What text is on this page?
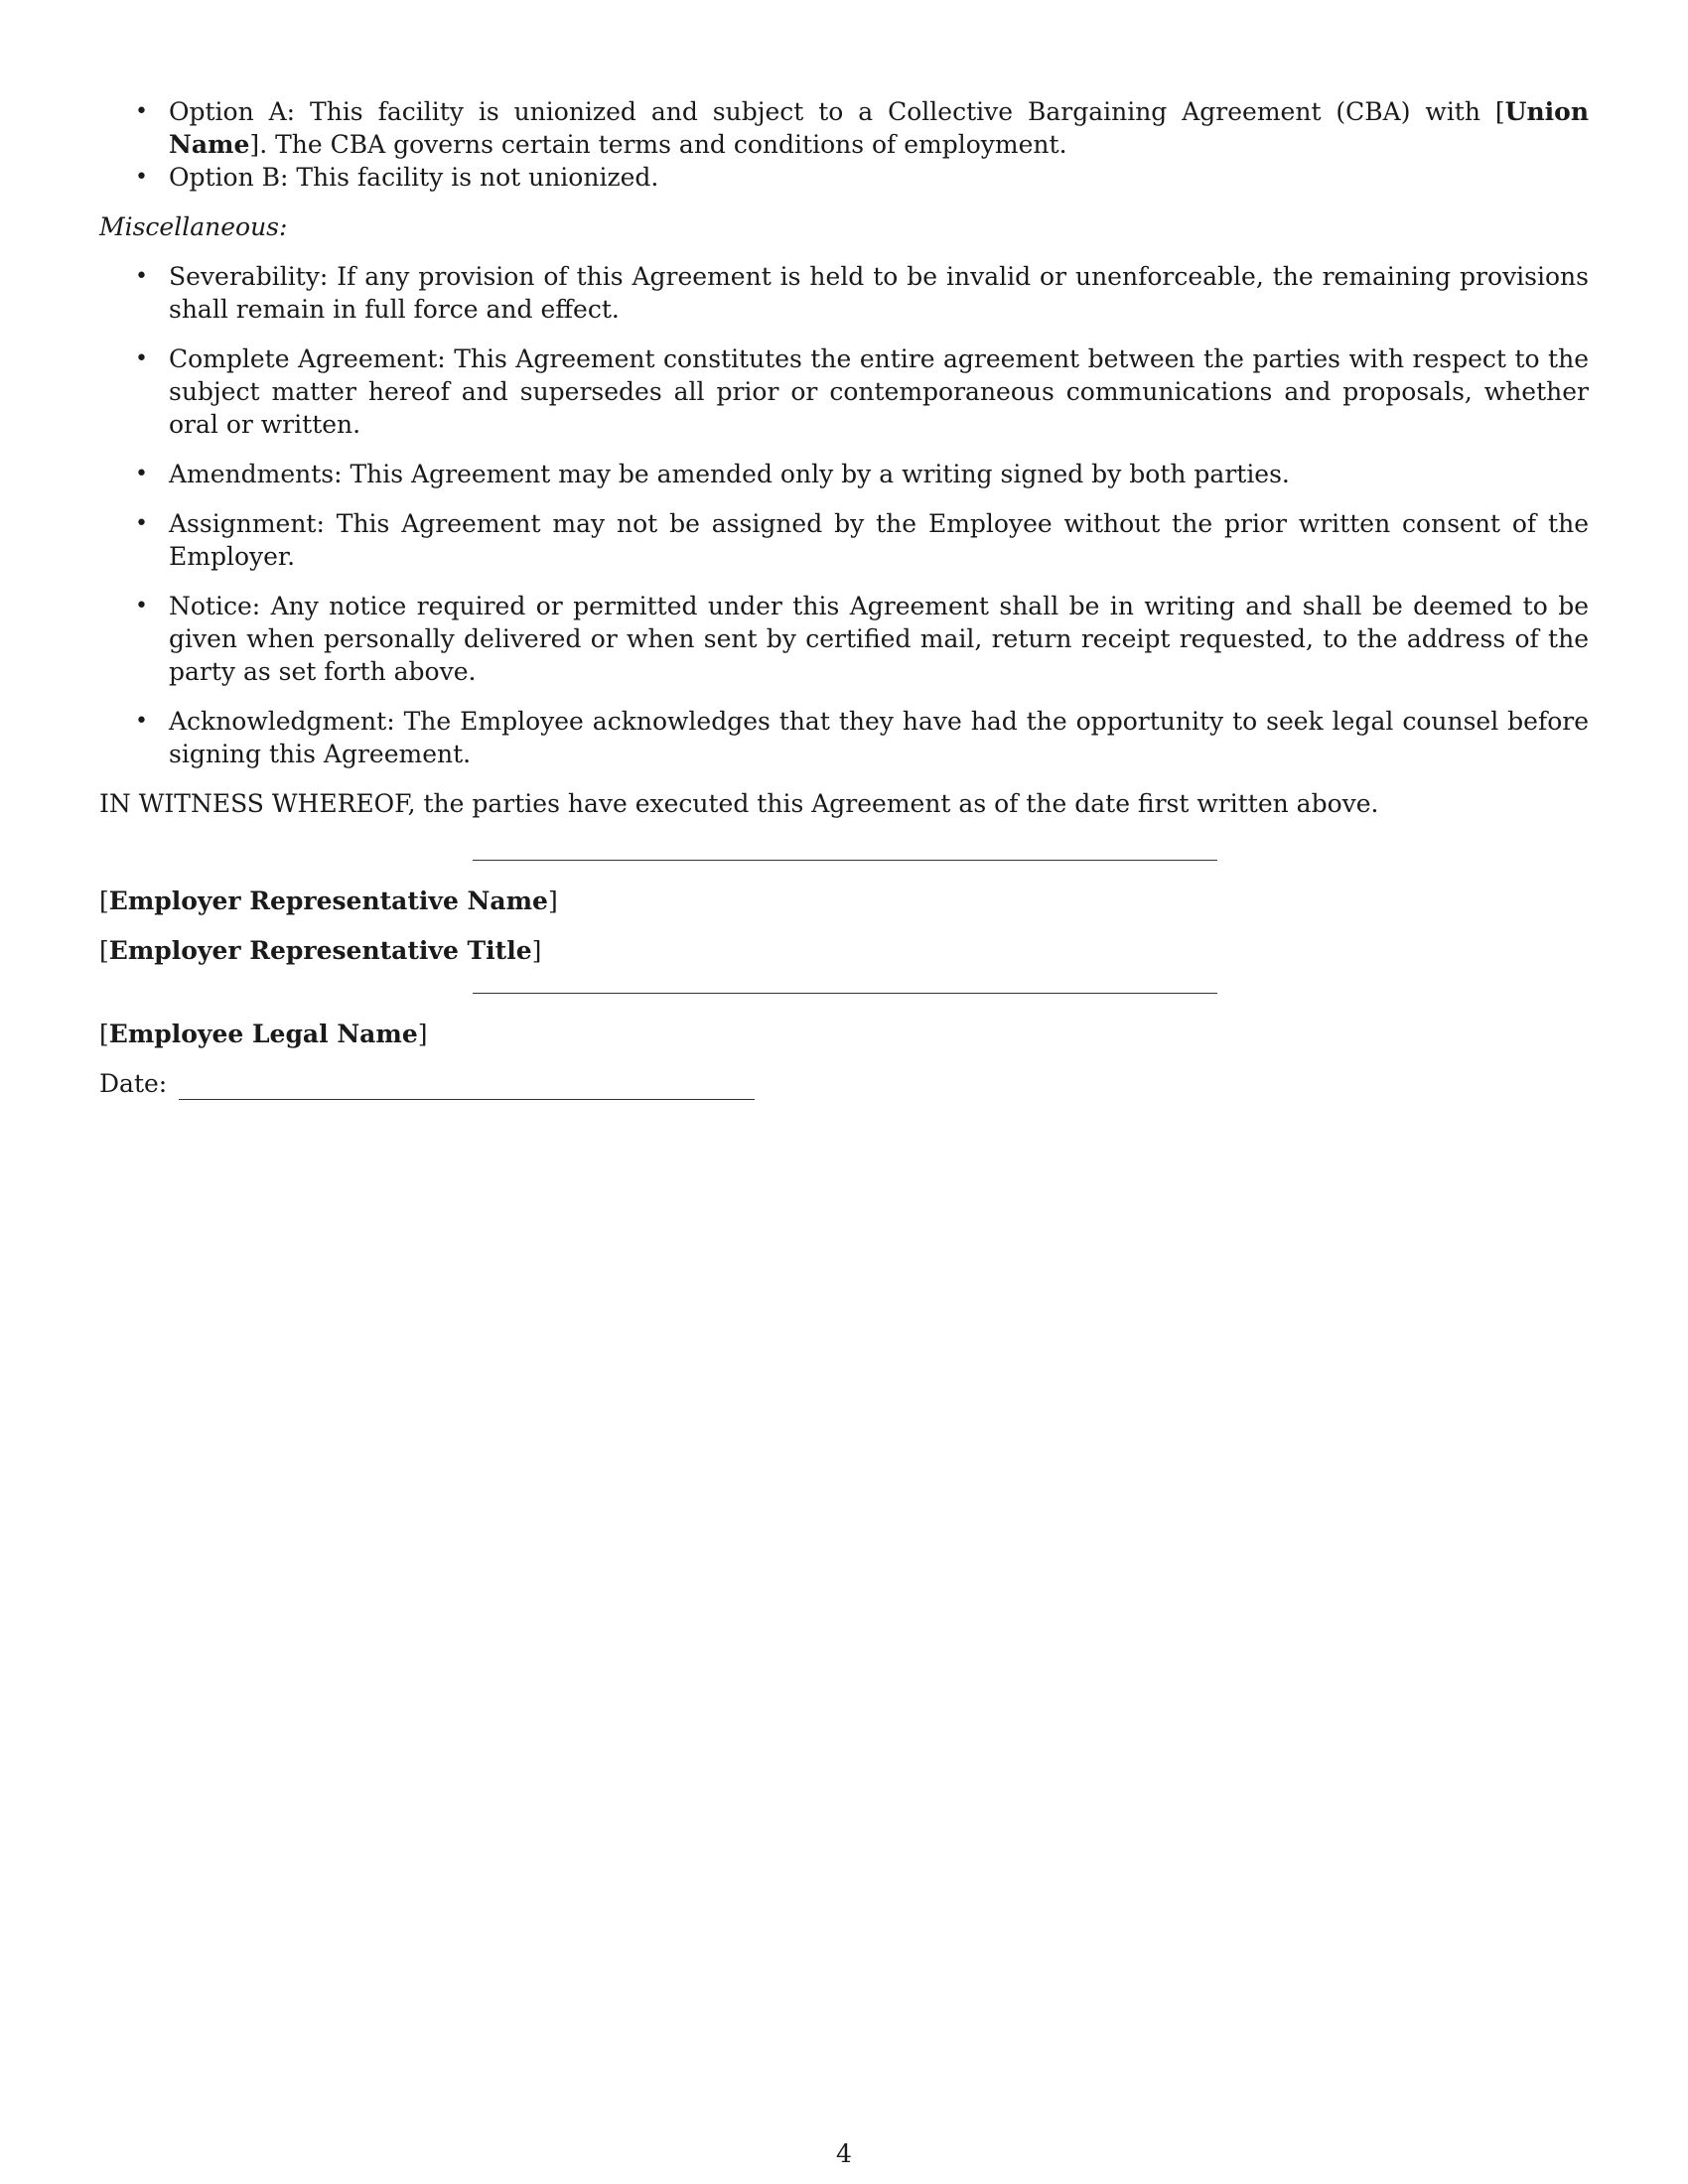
• Option A: This facility is unionized and subject to a Collective Bargaining Agreement (CBA) with [Union Name]. The CBA governs certain terms and conditions of employment.
• Option B: This facility is not unionized.
Miscellaneous:
• Severability: If any provision of this Agreement is held to be invalid or unenforceable, the remaining provisions shall remain in full force and effect.
• Complete Agreement: This Agreement constitutes the entire agreement between the parties with respect to the subject matter hereof and supersedes all prior or contemporaneous communications and proposals, whether oral or written.
• Amendments: This Agreement may be amended only by a writing signed by both parties.
• Assignment: This Agreement may not be assigned by the Employee without the prior written consent of the Employer.
• Notice: Any notice required or permitted under this Agreement shall be in writing and shall be deemed to be given when personally delivered or when sent by certified mail, return receipt requested, to the address of the party as set forth above.
• Acknowledgment: The Employee acknowledges that they have had the opportunity to seek legal counsel before signing this Agreement.
IN WITNESS WHEREOF, the parties have executed this Agreement as of the date first written above.
[Employer Representative Name]
[Employer Representative Title]
[Employee Legal Name]
Date:
4
